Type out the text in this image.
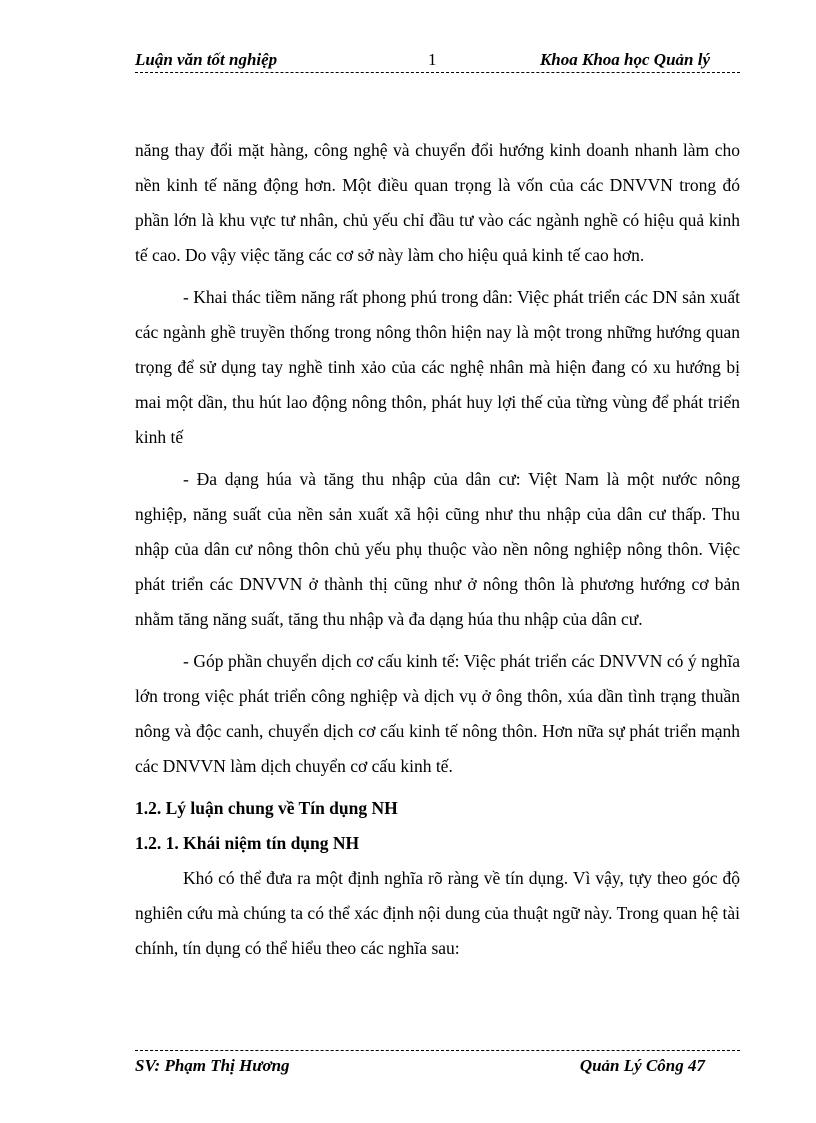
Luận văn tốt nghiệp	1	Khoa Khoa học Quản lý

năng thay đổi mặt hàng, công nghệ và chuyển đổi hướng kinh doanh nhanh làm cho nền kinh tế năng động hơn. Một điều quan trọng là vốn của các DNVVN trong đó phần lớn là khu vực tư nhân, chủ yếu chỉ đầu tư vào các ngành nghề có hiệu quả kinh tế cao. Do vậy việc tăng các cơ sở này làm cho hiệu quả kinh tế cao hơn.

- Khai thác tiềm năng rất phong phú trong dân: Việc phát triển các DN sản xuất các ngành ghề truyền thống trong nông thôn hiện nay là một trong những hướng quan trọng để sử dụng tay nghề tinh xảo của các nghệ nhân mà hiện đang có xu hướng bị mai một dần, thu hút lao động nông thôn, phát huy lợi thế của từng vùng để phát triển kinh tế

- Đa dạng húa và tăng thu nhập của dân cư: Việt Nam là một nước nông nghiệp, năng suất của nền sản xuất xã hội cũng như thu nhập của dân cư thấp. Thu nhập của dân cư nông thôn chủ yếu phụ thuộc vào nền nông nghiệp nông thôn. Việc phát triển các DNVVN ở thành thị cũng như ở nông thôn là phương hướng cơ bản nhằm tăng năng suất, tăng thu nhập và đa dạng húa thu nhập của dân cư.

- Góp phần chuyển dịch cơ cấu kinh tế: Việc phát triển các DNVVN có ý nghĩa lớn trong việc phát triển công nghiệp và dịch vụ ở ông thôn, xúa dần tình trạng thuần nông và độc canh, chuyển dịch cơ cấu kinh tế nông thôn. Hơn nữa sự phát triển mạnh các DNVVN làm dịch chuyển cơ cấu kinh tế.

1.2. Lý luận chung về Tín dụng NH

1.2. 1. Khái niệm tín dụng NH

Khó có thể đưa ra một định nghĩa rõ ràng về tín dụng. Vì vậy, tựy theo góc độ nghiên cứu mà chúng ta có thể xác định nội dung của thuật ngữ này. Trong quan hệ tài chính, tín dụng có thể hiểu theo các nghĩa sau:

SV: Phạm Thị Hương	Quản Lý Công 47
